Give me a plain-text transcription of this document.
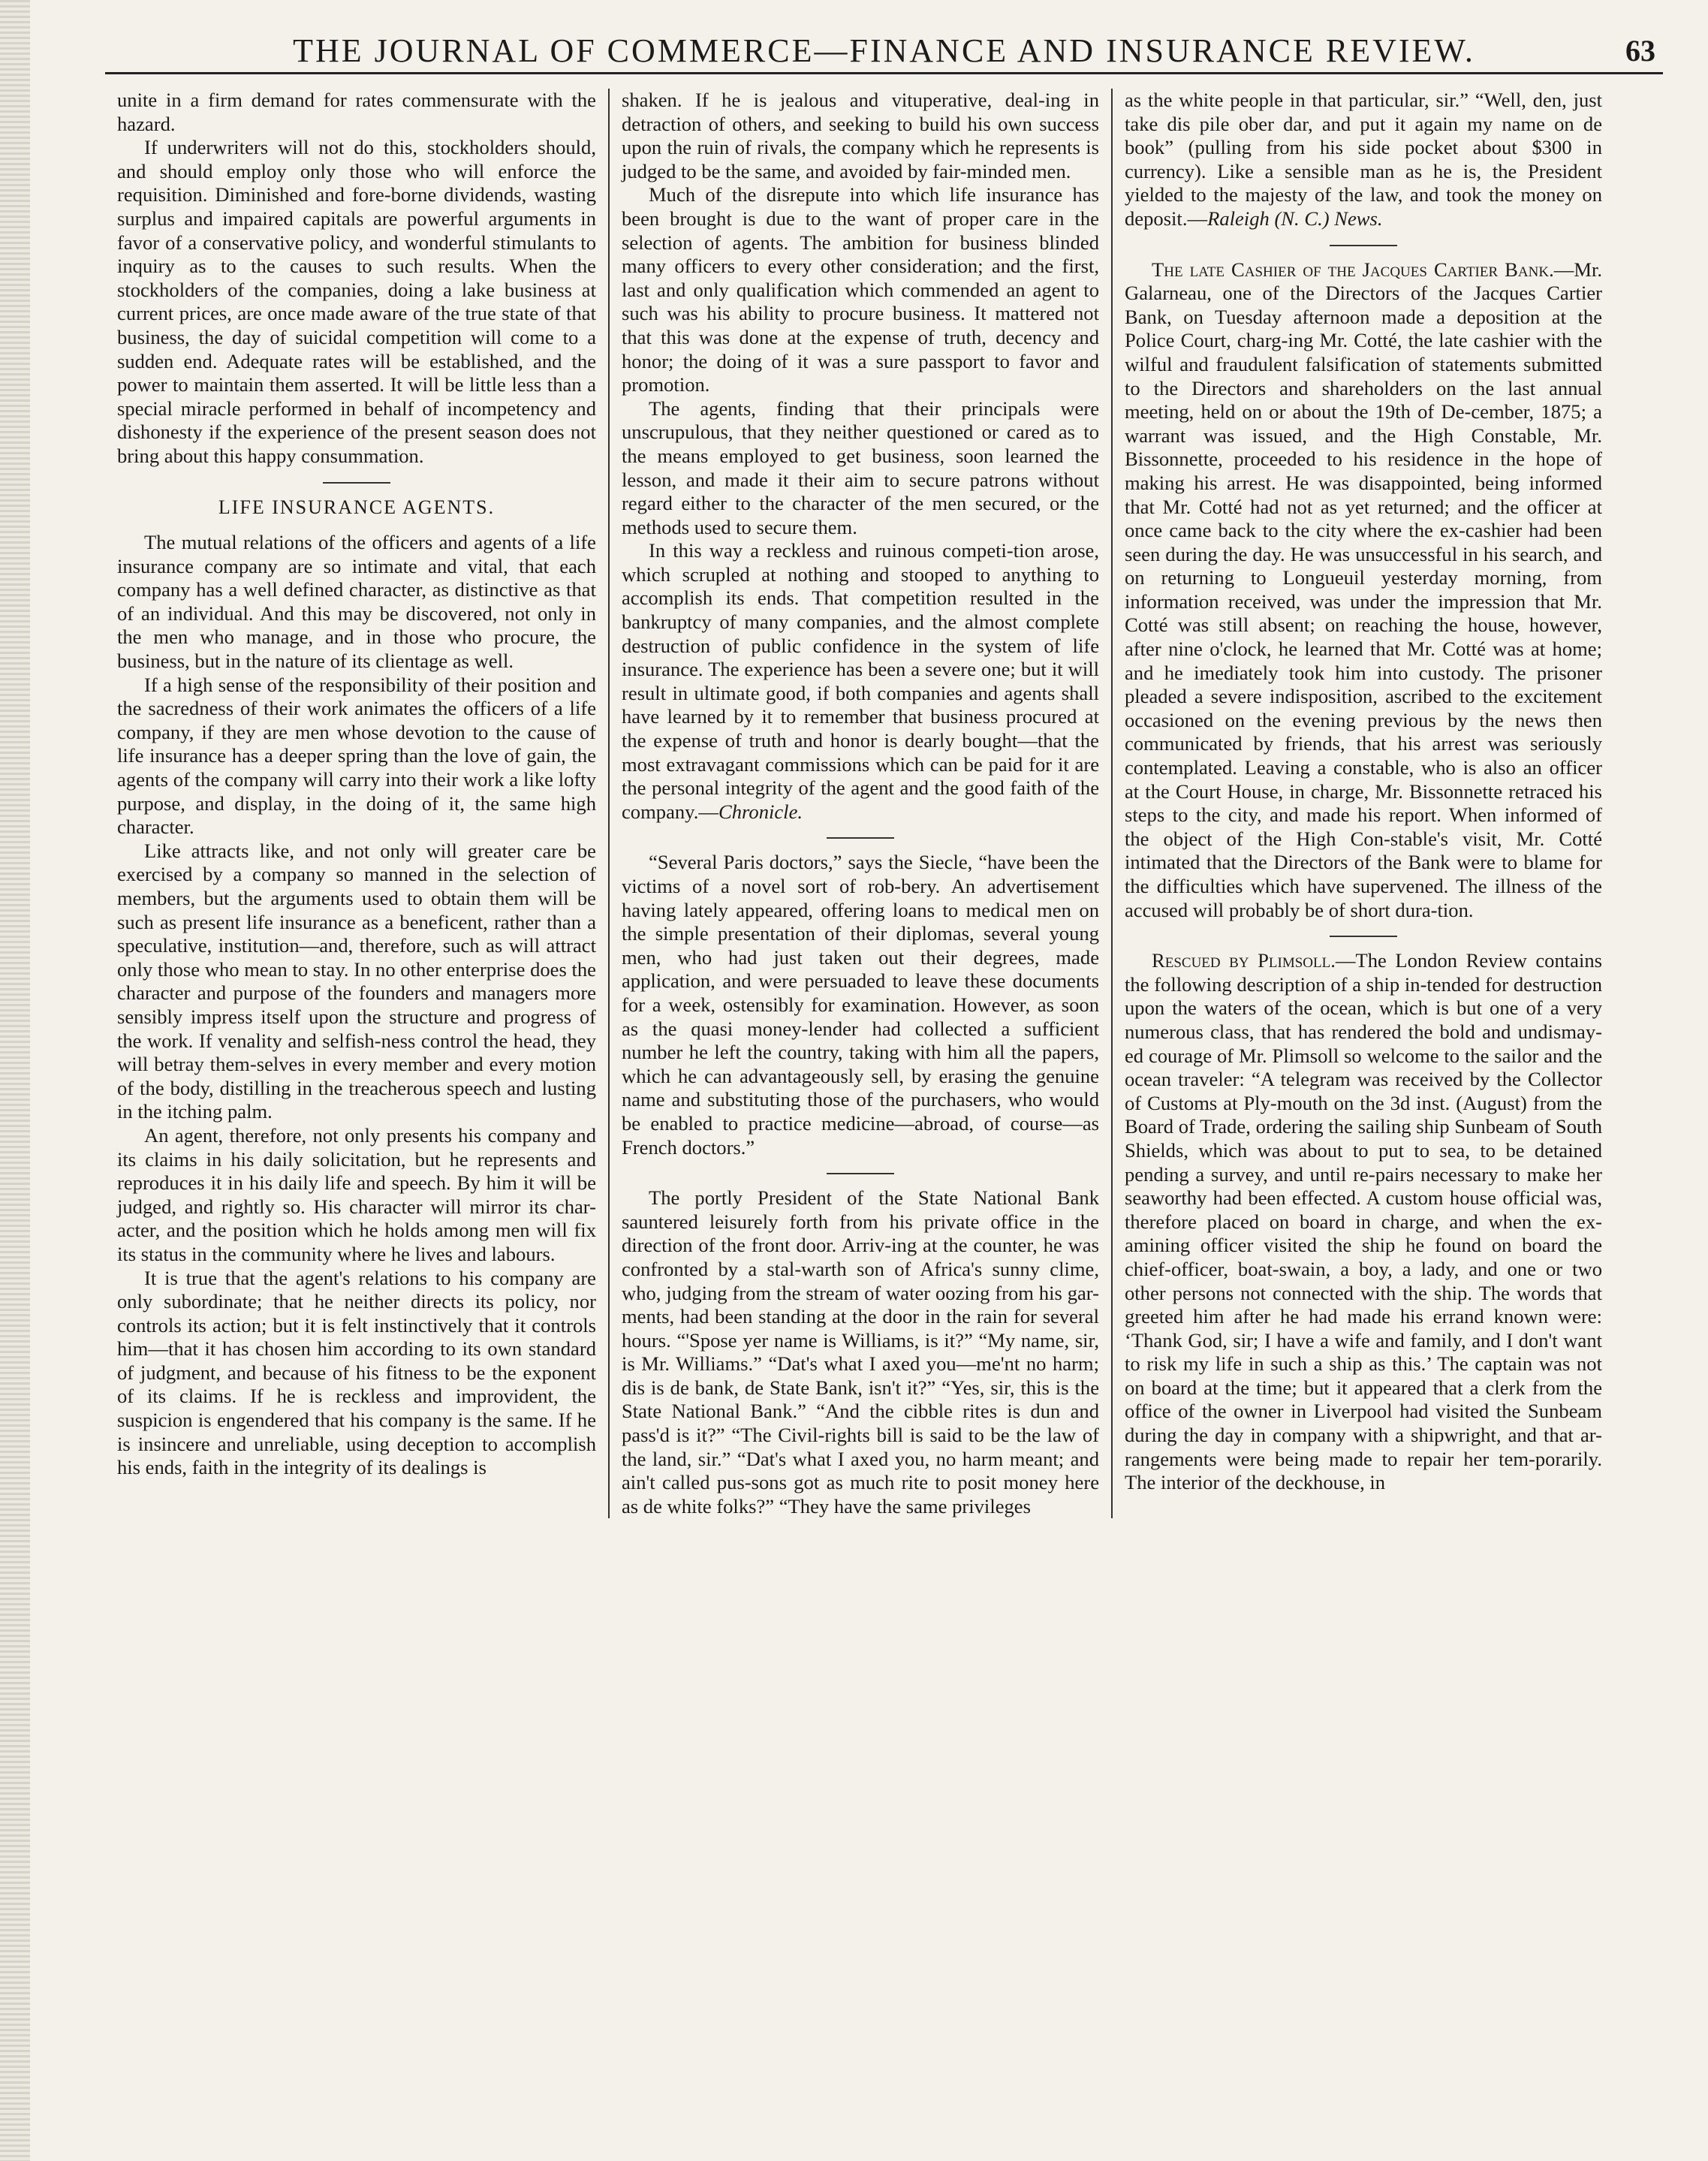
THE JOURNAL OF COMMERCE—FINANCE AND INSURANCE REVIEW.	63

unite in a firm demand for rates commensurate with the hazard.

If underwriters will not do this, stockholders should, and should employ only those who will enforce the requisition. Diminished and fore-borne dividends, wasting surplus and impaired capitals are powerful arguments in favor of a conservative policy, and wonderful stimulants to inquiry as to the causes to such results. When the stockholders of the companies, doing a lake business at current prices, are once made aware of the true state of that business, the day of suicidal competition will come to a sudden end. Adequate rates will be established, and the power to maintain them asserted. It will be little less than a special miracle performed in behalf of incompetency and dishonesty if the experience of the present season does not bring about this happy consummation.

LIFE INSURANCE AGENTS.

The mutual relations of the officers and agents of a life insurance company are so intimate and vital, that each company has a well defined character, as distinctive as that of an individual. And this may be discovered, not only in the men who manage, and in those who procure, the business, but in the nature of its clientage as well.

If a high sense of the responsibility of their position and the sacredness of their work animates the officers of a life company, if they are men whose devotion to the cause of life insurance has a deeper spring than the love of gain, the agents of the company will carry into their work a like lofty purpose, and display, in the doing of it, the same high character.

Like attracts like, and not only will greater care be exercised by a company so manned in the selection of members, but the arguments used to obtain them will be such as present life insurance as a beneficent, rather than a speculative, institution—and, therefore, such as will attract only those who mean to stay. In no other enterprise does the character and purpose of the founders and managers more sensibly impress itself upon the structure and progress of the work. If venality and selfish-ness control the head, they will betray them-selves in every member and every motion of the body, distilling in the treacherous speech and lusting in the itching palm.

An agent, therefore, not only presents his company and its claims in his daily solicitation, but he represents and reproduces it in his daily life and speech. By him it will be judged, and rightly so. His character will mirror its char-acter, and the position which he holds among men will fix its status in the community where he lives and labours.

It is true that the agent's relations to his company are only subordinate; that he neither directs its policy, nor controls its action; but it is felt instinctively that it controls him—that it has chosen him according to its own standard of judgment, and because of his fitness to be the exponent of its claims. If he is reckless and improvident, the suspicion is engendered that his company is the same. If he is insincere and unreliable, using deception to accomplish his ends, faith in the integrity of its dealings is

shaken. If he is jealous and vituperative, deal-ing in detraction of others, and seeking to build his own success upon the ruin of rivals, the company which he represents is judged to be the same, and avoided by fair-minded men.

Much of the disrepute into which life insurance has been brought is due to the want of proper care in the selection of agents. The ambition for business blinded many officers to every other consideration; and the first, last and only qualification which commended an agent to such was his ability to procure business. It mattered not that this was done at the expense of truth, decency and honor; the doing of it was a sure passport to favor and promotion.

The agents, finding that their principals were unscrupulous, that they neither questioned or cared as to the means employed to get business, soon learned the lesson, and made it their aim to secure patrons without regard either to the character of the men secured, or the methods used to secure them.

In this way a reckless and ruinous competi-tion arose, which scrupled at nothing and stooped to anything to accomplish its ends. That competition resulted in the bankruptcy of many companies, and the almost complete destruction of public confidence in the system of life insurance. The experience has been a severe one; but it will result in ultimate good, if both companies and agents shall have learned by it to remember that business procured at the expense of truth and honor is dearly bought—that the most extravagant commissions which can be paid for it are the personal integrity of the agent and the good faith of the company.—Chronicle.

“Several Paris doctors,” says the Siecle, “have been the victims of a novel sort of rob-bery. An advertisement having lately appeared, offering loans to medical men on the simple presentation of their diplomas, several young men, who had just taken out their degrees, made application, and were persuaded to leave these documents for a week, ostensibly for examination. However, as soon as the quasi money-lender had collected a sufficient number he left the country, taking with him all the papers, which he can advantageously sell, by erasing the genuine name and substituting those of the purchasers, who would be enabled to practice medicine—abroad, of course—as French doctors.”

The portly President of the State National Bank sauntered leisurely forth from his private office in the direction of the front door. Arriv-ing at the counter, he was confronted by a stal-warth son of Africa's sunny clime, who, judging from the stream of water oozing from his gar-ments, had been standing at the door in the rain for several hours. “'Spose yer name is Williams, is it?” “My name, sir, is Mr. Williams.” “Dat's what I axed you—me'nt no harm; dis is de bank, de State Bank, isn't it?” “Yes, sir, this is the State National Bank.” “And the cibble rites is dun and pass'd is it?” “The Civil-rights bill is said to be the law of the land, sir.” “Dat's what I axed you, no harm meant; and ain't called pus-sons got as much rite to posit money here as de white folks?” “They have the same privileges

as the white people in that particular, sir.” “Well, den, just take dis pile ober dar, and put it again my name on de book” (pulling from his side pocket about $300 in currency). Like a sensible man as he is, the President yielded to the majesty of the law, and took the money on deposit.—Raleigh (N. C.) News.

The late Cashier of the Jacques Cartier Bank.—Mr. Galarneau, one of the Directors of the Jacques Cartier Bank, on Tuesday afternoon made a deposition at the Police Court, charg-ing Mr. Cotté, the late cashier with the wilful and fraudulent falsification of statements submitted to the Directors and shareholders on the last annual meeting, held on or about the 19th of De-cember, 1875; a warrant was issued, and the High Constable, Mr. Bissonnette, proceeded to his residence in the hope of making his arrest. He was disappointed, being informed that Mr. Cotté had not as yet returned; and the officer at once came back to the city where the ex-cashier had been seen during the day. He was unsuccessful in his search, and on returning to Longueuil yesterday morning, from information received, was under the impression that Mr. Cotté was still absent; on reaching the house, however, after nine o'clock, he learned that Mr. Cotté was at home; and he imediately took him into custody. The prisoner pleaded a severe indisposition, ascribed to the excitement occasioned on the evening previous by the news then communicated by friends, that his arrest was seriously contemplated. Leaving a constable, who is also an officer at the Court House, in charge, Mr. Bissonnette retraced his steps to the city, and made his report. When informed of the object of the High Con-stable's visit, Mr. Cotté intimated that the Directors of the Bank were to blame for the difficulties which have supervened. The illness of the accused will probably be of short dura-tion.

Rescued by Plimsoll.—The London Review contains the following description of a ship in-tended for destruction upon the waters of the ocean, which is but one of a very numerous class, that has rendered the bold and undismay-ed courage of Mr. Plimsoll so welcome to the sailor and the ocean traveler: “A telegram was received by the Collector of Customs at Ply-mouth on the 3d inst. (August) from the Board of Trade, ordering the sailing ship Sunbeam of South Shields, which was about to put to sea, to be detained pending a survey, and until re-pairs necessary to make her seaworthy had been effected. A custom house official was, therefore placed on board in charge, and when the ex-amining officer visited the ship he found on board the chief-officer, boat-swain, a boy, a lady, and one or two other persons not connected with the ship. The words that greeted him after he had made his errand known were: ‘Thank God, sir; I have a wife and family, and I don't want to risk my life in such a ship as this.’ The captain was not on board at the time; but it appeared that a clerk from the office of the owner in Liverpool had visited the Sunbeam during the day in company with a shipwright, and that ar-rangements were being made to repair her tem-porarily. The interior of the deckhouse, in
